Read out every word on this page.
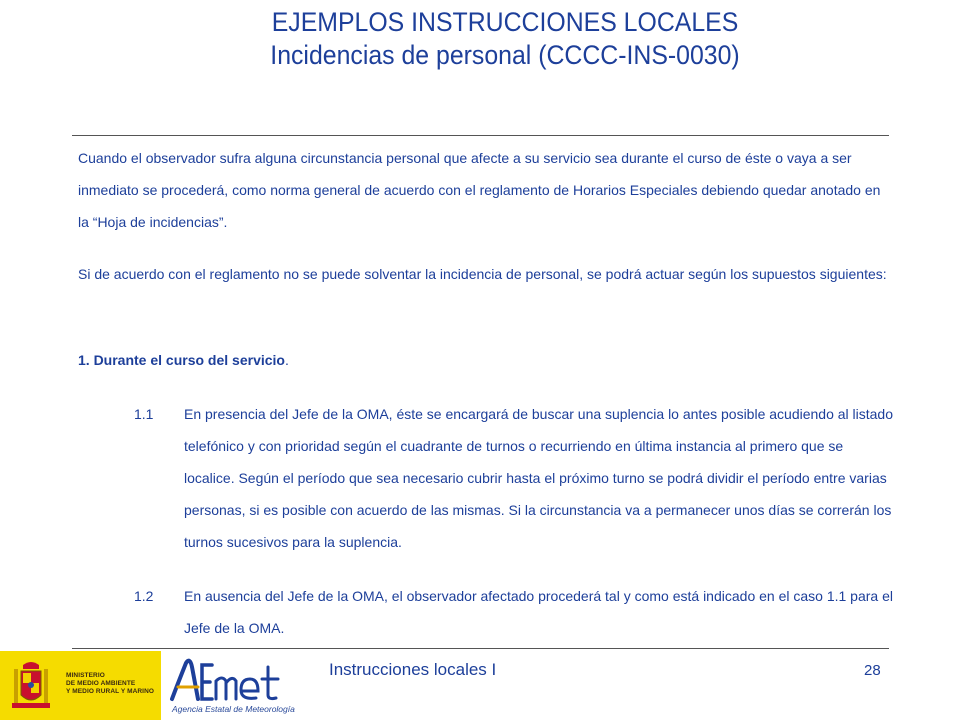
EJEMPLOS INSTRUCCIONES LOCALES
Incidencias de personal (CCCC-INS-0030)
Cuando el observador sufra alguna circunstancia personal que afecte a su servicio sea durante el curso de éste o vaya a ser inmediato se procederá, como norma general de acuerdo con el reglamento de Horarios Especiales debiendo quedar anotado en la “Hoja de incidencias”.
Si de acuerdo con el reglamento no se puede solventar la incidencia de personal, se podrá actuar según los supuestos siguientes:
1. Durante el curso del servicio.
1.1 En presencia del Jefe de la OMA, éste se encargará de buscar una suplencia lo antes posible acudiendo al listado telefónico y con prioridad según el cuadrante de turnos o recurriendo en última instancia al primero que se localice. Según el período que sea necesario cubrir hasta el próximo turno se podrá dividir el período entre varias personas, si es posible con acuerdo de las mismas. Si la circunstancia va a permanecer unos días se correrán los turnos sucesivos para la suplencia.
1.2 En ausencia del Jefe de la OMA, el observador afectado procederá tal y como está indicado en el caso 1.1 para el Jefe de la OMA.
MINISTERIO
DE MEDIO AMBIENTE
Y MEDIO RURAL Y MARINO
Agencia Estatal de Meteorología
Instrucciones locales I	28
